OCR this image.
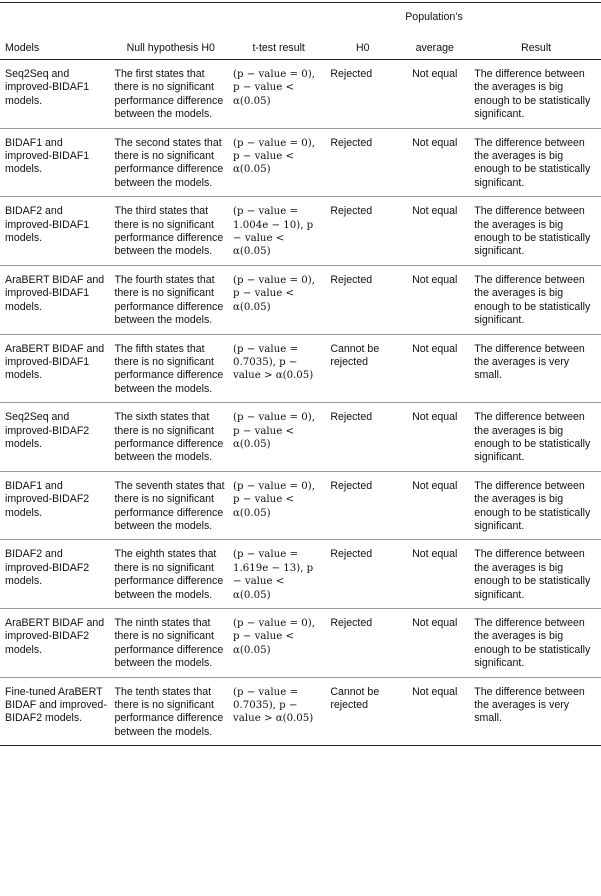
Population’s

Models	Null hypothesis H0	t-test result	H0	average	Result
Seq2Seq and improved-BIDAF1 models.	The first states that there is no significant performance difference between the models.	(p − value = 0), p − value < α(0.05)	Rejected	Not equal	The difference between the averages is big enough to be statistically significant.
BIDAF1 and improved-BIDAF1 models.	The second states that there is no significant performance difference between the models.	(p − value = 0), p − value < α(0.05)	Rejected	Not equal	The difference between the averages is big enough to be statistically significant.
BIDAF2 and improved-BIDAF1 models.	The third states that there is no significant performance difference between the models.	(p − value = 1.004e − 10), p − value < α(0.05)	Rejected	Not equal	The difference between the averages is big enough to be statistically significant.
AraBERT BIDAF and improved-BIDAF1 models.	The fourth states that there is no significant performance difference between the models.	(p − value = 0), p − value < α(0.05)	Rejected	Not equal	The difference between the averages is big enough to be statistically significant.
AraBERT BIDAF and improved-BIDAF1 models.	The fifth states that there is no significant performance difference between the models.	(p − value = 0.7035), p − value > α(0.05)	Cannot be rejected	Not equal	The difference between the averages is very small.
Seq2Seq and improved-BIDAF2 models.	The sixth states that there is no significant performance difference between the models.	(p − value = 0), p − value < α(0.05)	Rejected	Not equal	The difference between the averages is big enough to be statistically significant.
BIDAF1 and improved-BIDAF2 models.	The seventh states that there is no significant performance difference between the models.	(p − value = 0), p − value < α(0.05)	Rejected	Not equal	The difference between the averages is big enough to be statistically significant.
BIDAF2 and improved-BIDAF2 models.	The eighth states that there is no significant performance difference between the models.	(p − value = 1.619e − 13), p − value < α(0.05)	Rejected	Not equal	The difference between the averages is big enough to be statistically significant.
AraBERT BIDAF and improved-BIDAF2 models.	The ninth states that there is no significant performance difference between the models.	(p − value = 0), p − value < α(0.05)	Rejected	Not equal	The difference between the averages is big enough to be statistically significant.
Fine-tuned AraBERT BIDAF and improved-BIDAF2 models.	The tenth states that there is no significant performance difference between the models.	(p − value = 0.7035), p − value > α(0.05)	Cannot be rejected	Not equal	The difference between the averages is very small.
